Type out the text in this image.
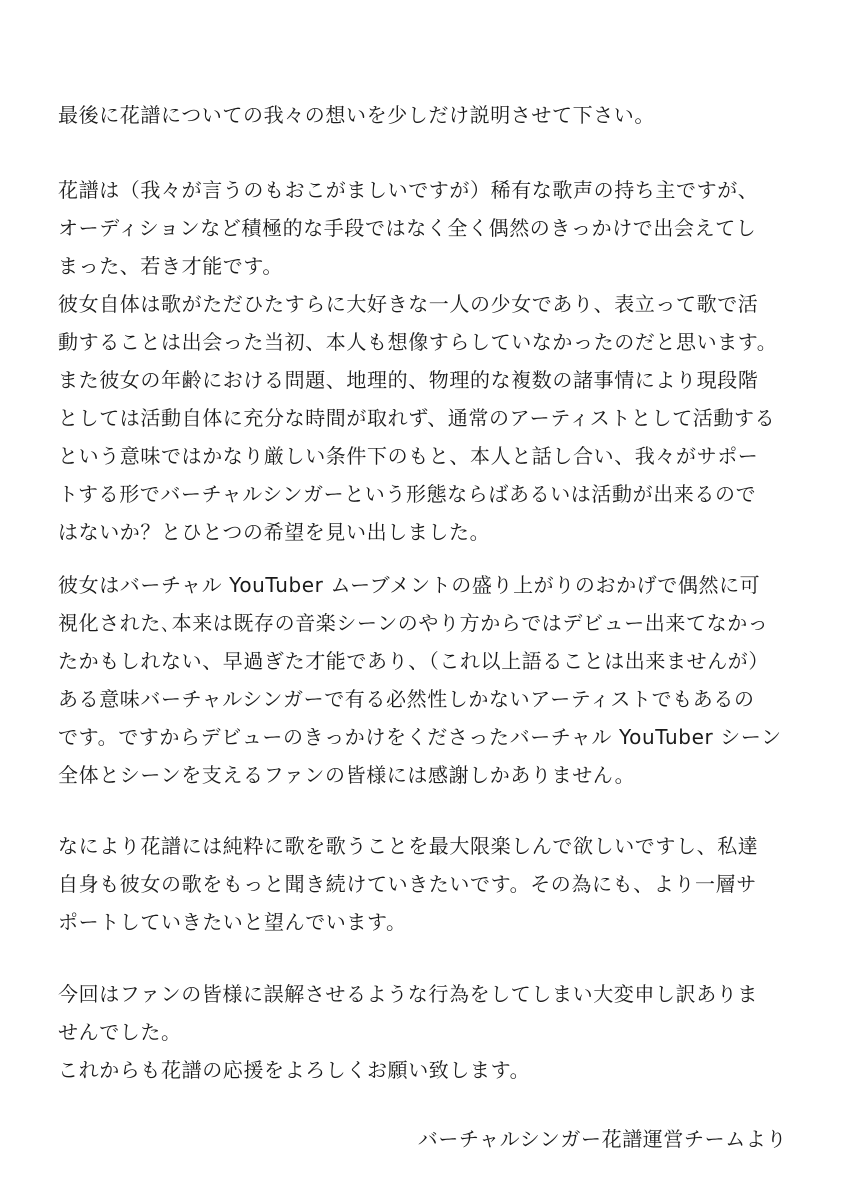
最後に花譜についての我々の想いを少しだけ説明させて下さい。
花譜は（我々が言うのもおこがましいですが）稀有な歌声の持ち主ですが、
オーディションなど積極的な手段ではなく全く偶然のきっかけで出会えてし
まった、若き才能です。
彼女自体は歌がただひたすらに大好きな一人の少女であり、表立って歌で活
動することは出会った当初、本人も想像すらしていなかったのだと思います。
また彼女の年齢における問題、地理的、物理的な複数の諸事情により現段階
としては活動自体に充分な時間が取れず、通常のアーティストとして活動する
という意味ではかなり厳しい条件下のもと、本人と話し合い、我々がサポー
トする形でバーチャルシンガーという形態ならばあるいは活動が出来るので
はないか？とひとつの希望を見い出しました。
彼女はバーチャル YouTuber ムーブメントの盛り上がりのおかげで偶然に可
視化された､本来は既存の音楽シーンのやり方からではデビュー出来てなかっ
たかもしれない、早過ぎた才能であり、（これ以上語ることは出来ませんが）
ある意味バーチャルシンガーで有る必然性しかないアーティストでもあるの
です。ですからデビューのきっかけをくださったバーチャル YouTuber シーン
全体とシーンを支えるファンの皆様には感謝しかありません。
なにより花譜には純粋に歌を歌うことを最大限楽しんで欲しいですし、私達
自身も彼女の歌をもっと聞き続けていきたいです。その為にも、より一層サ
ポートしていきたいと望んでいます。
今回はファンの皆様に誤解させるような行為をしてしまい大変申し訳ありま
せんでした。
これからも花譜の応援をよろしくお願い致します。
バーチャルシンガー花譜運営チームより
